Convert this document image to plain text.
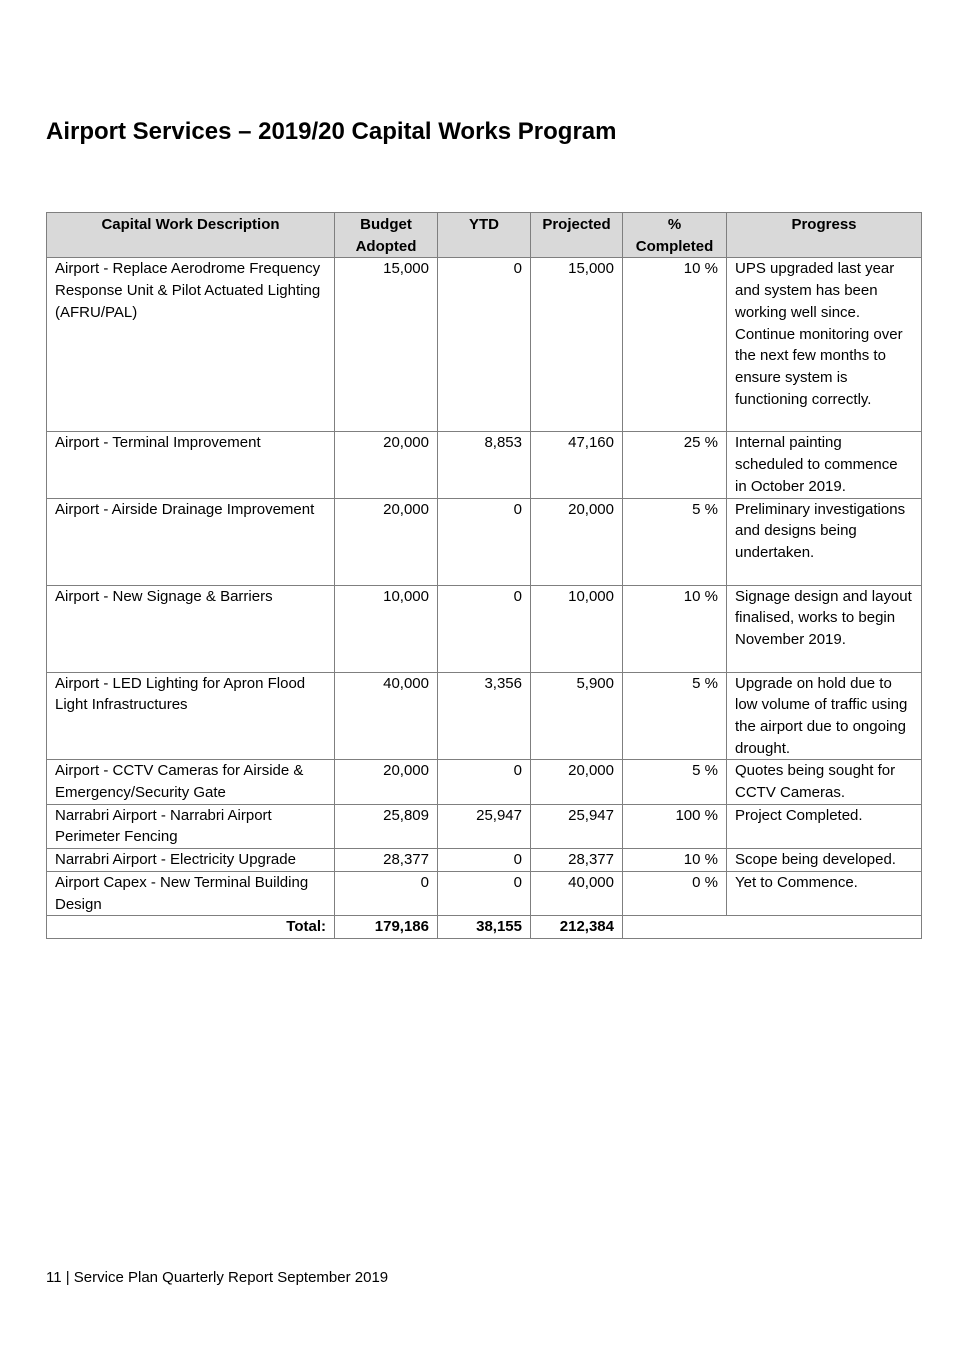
Airport Services – 2019/20 Capital Works Program
Capital Work Description	Budget Adopted	YTD	Projected	% Completed	Progress
Airport - Replace Aerodrome Frequency Response Unit & Pilot Actuated Lighting (AFRU/PAL)	15,000	0	15,000	10 %	UPS upgraded last year and system has been working well since. Continue monitoring over the next few months to ensure system is functioning correctly.
Airport - Terminal Improvement	20,000	8,853	47,160	25 %	Internal painting scheduled to commence in October 2019.
Airport - Airside Drainage Improvement	20,000	0	20,000	5 %	Preliminary investigations and designs being undertaken.
Airport - New Signage & Barriers	10,000	0	10,000	10 %	Signage design and layout finalised, works to begin November 2019.
Airport - LED Lighting for Apron Flood Light Infrastructures	40,000	3,356	5,900	5 %	Upgrade on hold due to low volume of traffic using the airport due to ongoing drought.
Airport - CCTV Cameras for Airside & Emergency/Security Gate	20,000	0	20,000	5 %	Quotes being sought for CCTV Cameras.
Narrabri Airport - Narrabri Airport Perimeter Fencing	25,809	25,947	25,947	100 %	Project Completed.
Narrabri Airport - Electricity Upgrade	28,377	0	28,377	10 %	Scope being developed.
Airport Capex - New Terminal Building Design	0	0	40,000	0 %	Yet to Commence.
Total:	179,186	38,155	212,384		
11 | Service Plan Quarterly Report September 2019
